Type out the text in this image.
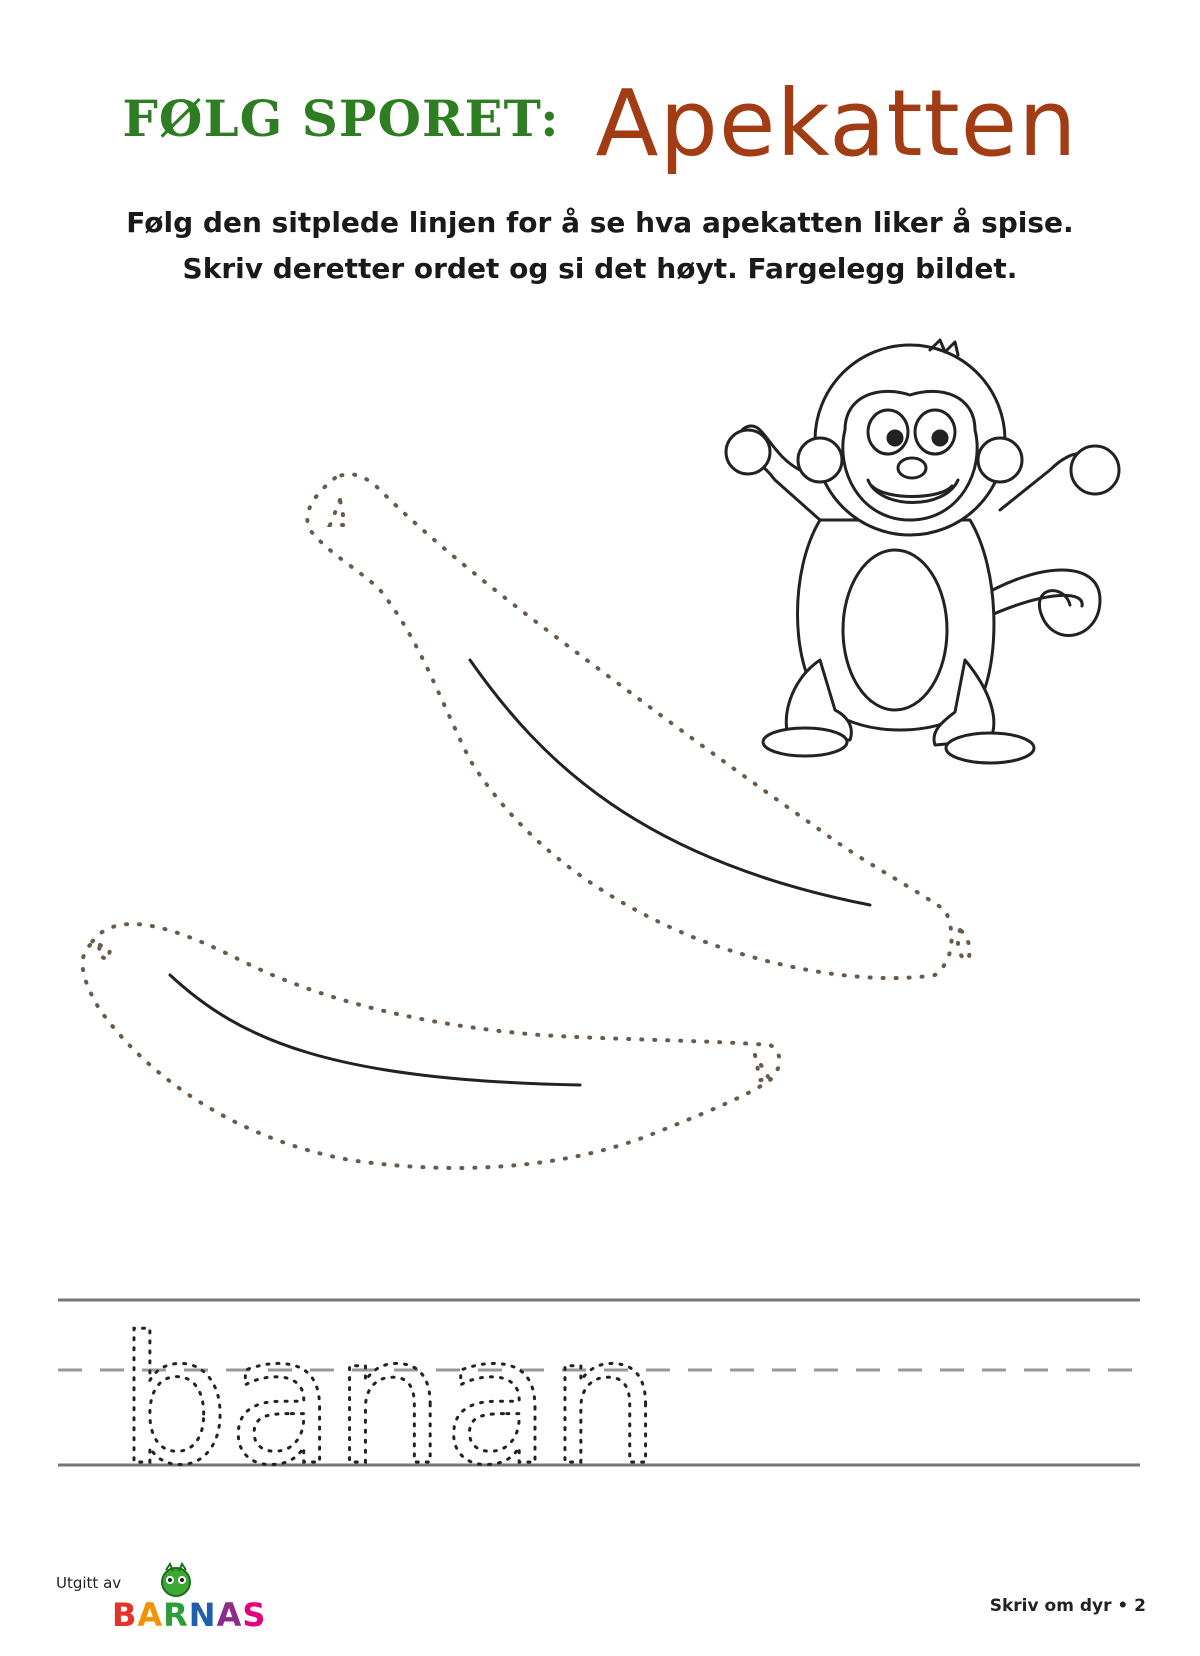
FØLG SPORET: Apekatten
Følg den sitplede linjen for å se hva apekatten liker å spise.
Skriv deretter ordet og si det høyt. Fargelegg bildet.
banan
Utgitt av
BARNAS	Skriv om dyr • 2
